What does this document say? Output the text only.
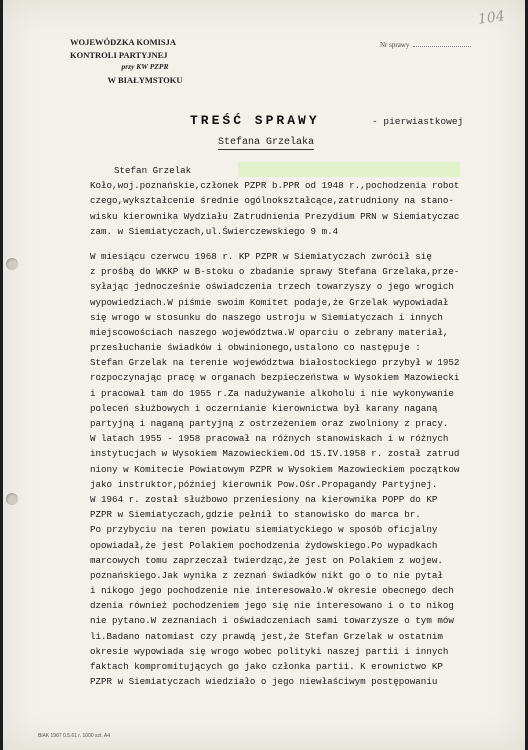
104
WOJEWÓDZKA KOMISJA
KONTROLI PARTYJNEJ
przy KW PZPR
W BIAŁYMSTOKU
Nr sprawy
TREŚĆ SPRAWY	- pierwiastkowej
Stefana Grzelaka
Stefan Grzelak
Koło,woj.poznańskie,członek PZPR b.PPR od 1948 r.,pochodzenia robot
czego,wykształcenie średnie ogólnokształcące,zatrudniony na stano-
wisku kierownika Wydziału Zatrudnienia Prezydium PRN w Siemiatyczac
zam. w Siemiatyczach,ul.Świerczewskiego 9 m.4
W miesiącu czerwcu 1968 r. KP PZPR w Siemiatyczach zwrócił się
z prośbą do WKKP w B-stoku o zbadanie sprawy Stefana Grzelaka,prze-
syłając jednocześnie oświadczenia trzech towarzyszy o jego wrogich
wypowiedziach.W piśmie swoim Komitet podaje,że Grzelak wypowiadał
się wrogo w stosunku do naszego ustroju w Siemiatyczach i innych
miejscowościach naszego województwa.W oparciu o zebrany materiał,
przesłuchanie świadków i obwinionego,ustalono co następuje :
Stefan Grzelak na terenie województwa białostockiego przybył w 1952
rozpoczynając pracę w organach bezpieczeństwa w Wysokiem Mazowiecki
i pracował tam do 1955 r.Za nadużywanie alkoholu i nie wykonywanie
poleceń służbowych i oczernianie kierownictwa był karany naganą
partyjną i naganą partyjną z ostrzeżeniem oraz zwolniony z pracy.
W latach 1955 - 1958 pracował na różnych stanowiskach i w różnych
instytucjach w Wysokiem Mazowieckiem.Od 15.IV.1958 r. został zatrud
niony w Komitecie Powiatowym PZPR w Wysokiem Mazowieckiem początkow
jako instruktor,później kierownik Pow.Ośr.Propagandy Partyjnej.
W 1964 r. został służbowo przeniesiony na kierownika POPP do KP
PZPR w Siemiatyczach,gdzie pełnił to stanowisko do marca br.
Po przybyciu na teren powiatu siemiatyckiego w sposób oficjalny
opowiadał,że jest Polakiem pochodzenia żydowskiego.Po wypadkach
marcowych tomu zaprzeczał twierdząc,że jest on Polakiem z wojew.
poznańskiego.Jak wynika z zeznań świadków nikt go o to nie pytał
i nikogo jego pochodzenie nie interesowało.W okresie obecnego dech
dzenia również pochodzeniem jego się nie interesowano i o to nikog
nie pytano.W zeznaniach i oświadczeniach sami towarzysze o tym mów
li.Badano natomiast czy prawdą jest,że Stefan Grzelak w ostatnim
okresie wypowiada się wrogo wobec polityki naszej partii i innych
faktach kompromitujących go jako członka partii. K erownictwo KP
PZPR w Siemiatyczach wiedziało o jego niewłaściwym postępowaniu
BiAK 1967 0.5.61 r. 1000 szt. A4
